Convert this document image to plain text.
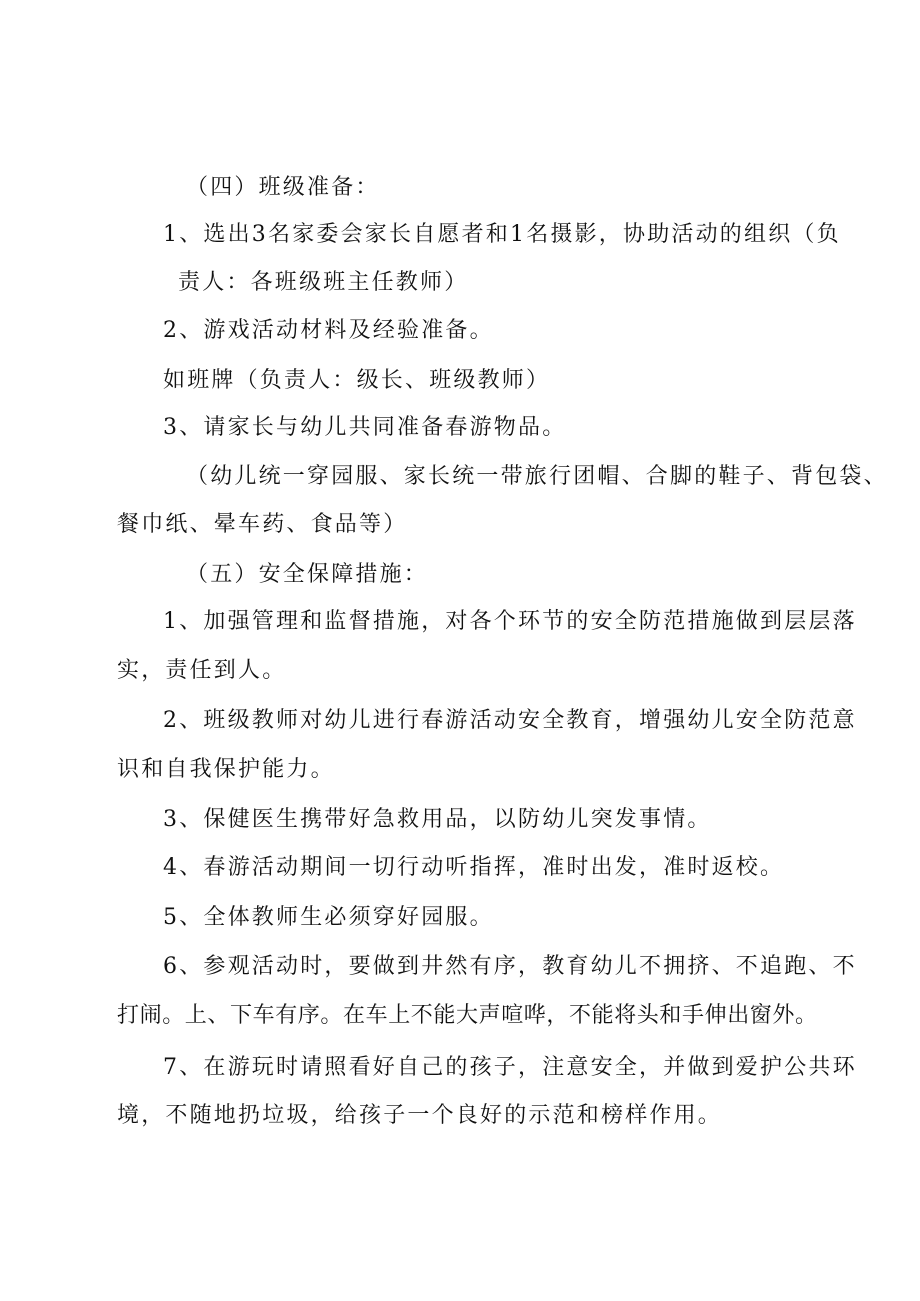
（四）班级准备：
1、选出3名家委会家长自愿者和1名摄影，协助活动的组织（负
责人：各班级班主任教师）
2、游戏活动材料及经验准备。
如班牌（负责人：级长、班级教师）
3、请家长与幼儿共同准备春游物品。
（幼儿统一穿园服、家长统一带旅行团帽、合脚的鞋子、背包袋、
餐巾纸、晕车药、食品等）
（五）安全保障措施：
1、加强管理和监督措施，对各个环节的安全防范措施做到层层落
实，责任到人。
2、班级教师对幼儿进行春游活动安全教育，增强幼儿安全防范意
识和自我保护能力。
3、保健医生携带好急救用品，以防幼儿突发事情。
4、春游活动期间一切行动听指挥，准时出发，准时返校。
5、全体教师生必须穿好园服。
6、参观活动时，要做到井然有序，教育幼儿不拥挤、不追跑、不
打闹。上、下车有序。在车上不能大声喧哗，不能将头和手伸出窗外。
7、在游玩时请照看好自己的孩子，注意安全，并做到爱护公共环
境，不随地扔垃圾，给孩子一个良好的示范和榜样作用。
